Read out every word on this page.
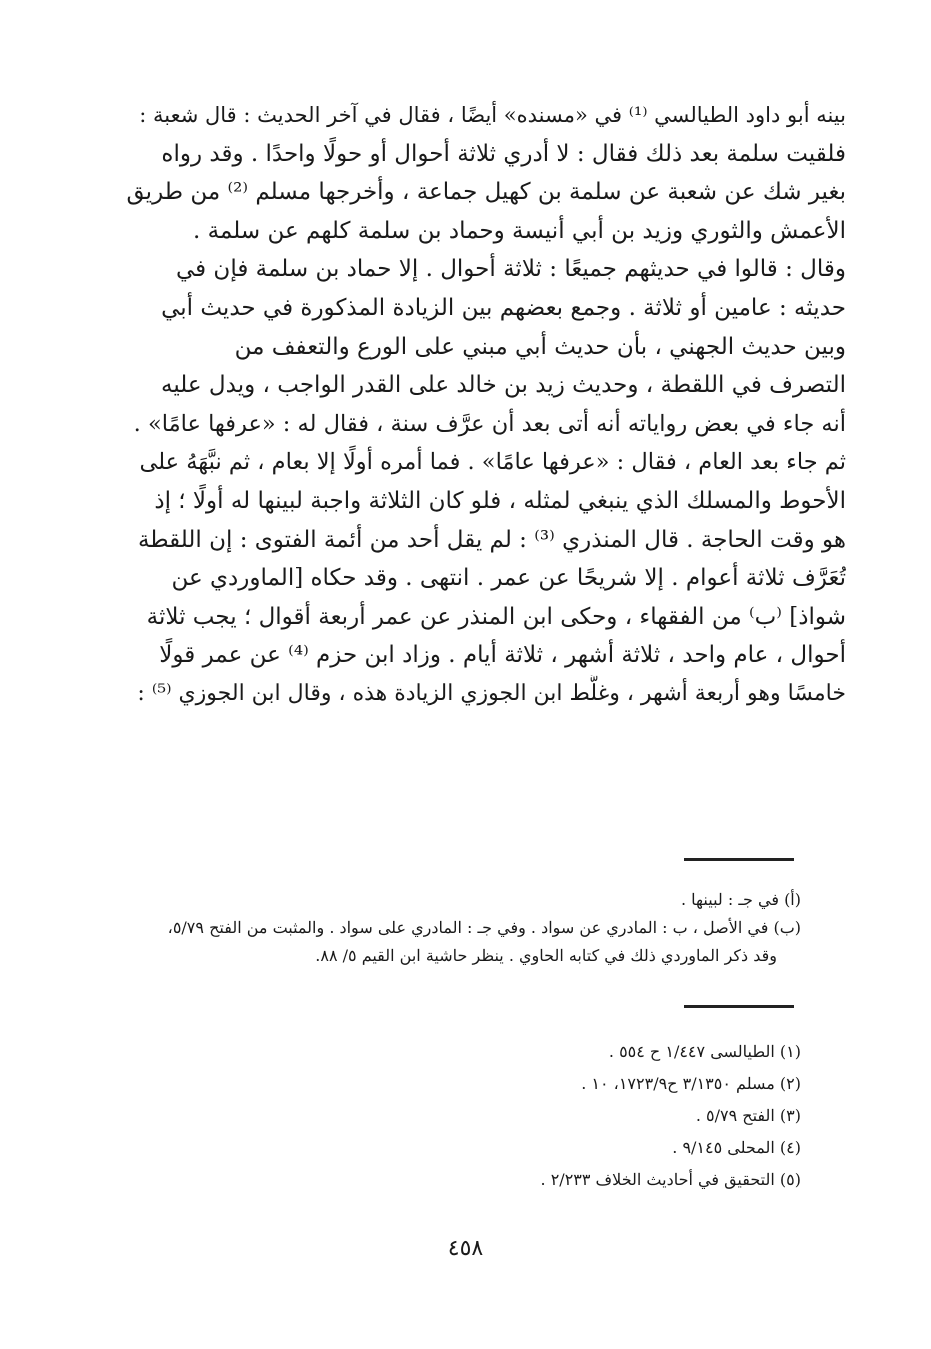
بينه أبو داود الطيالسي ⁽¹⁾ في «مسنده» أيضًا ، فقال في آخر الحديث : قال شعبة :
فلقيت سلمة بعد ذلك فقال : لا أدري ثلاثة أحوال أو حولًا واحدًا . وقد رواه
بغير شك عن شعبة عن سلمة بن كهيل جماعة ، وأخرجها مسلم ⁽²⁾ من طريق
الأعمش والثوري وزيد بن أبي أنيسة وحماد بن سلمة كلهم عن سلمة .
وقال : قالوا في حديثهم جميعًا : ثلاثة أحوال . إلا حماد بن سلمة فإن في
حديثه : عامين أو ثلاثة . وجمع بعضهم بين الزيادة المذكورة في حديث أبي
وبين حديث الجهني ، بأن حديث أبي مبني على الورع والتعفف من
التصرف في اللقطة ، وحديث زيد بن خالد على القدر الواجب ، ويدل عليه
أنه جاء في بعض رواياته أنه أتى بعد أن عرَّف سنة ، فقال له : «عرفها عامًا» .
ثم جاء بعد العام ، فقال : «عرفها عامًا» . فما أمره أولًا إلا بعام ، ثم نبَّهَهُ على
الأحوط والمسلك الذي ينبغي لمثله ، فلو كان الثلاثة واجبة لبينها له أولًا ؛ إذ
هو وقت الحاجة . قال المنذري ⁽³⁾ : لم يقل أحد من أئمة الفتوى : إن اللقطة
تُعَرَّف ثلاثة أعوام . إلا شريحًا عن عمر . انتهى . وقد حكاه [الماوردي عن
شواذ] ⁽ب⁾ من الفقهاء ، وحكى ابن المنذر عن عمر أربعة أقوال ؛ يجب ثلاثة
أحوال ، عام واحد ، ثلاثة أشهر ، ثلاثة أيام . وزاد ابن حزم ⁽⁴⁾ عن عمر قولًا
خامسًا وهو أربعة أشهر ، وغلَّط ابن الجوزي الزيادة هذه ، وقال ابن الجوزي ⁽⁵⁾ :
(أ) في جـ : لبينها .
(ب) في الأصل ، ب : المادري عن سواد . وفي جـ : المادري على سواد . والمثبت من الفتح ٥/٧٩،
وقد ذكر الماوردي ذلك في كتابه الحاوي . ينظر حاشية ابن القيم ٥/ ٨٨.
(١) الطيالسى ١/٤٤٧ ح ٥٥٤ .
(٢) مسلم ٣/١٣٥٠ ح١٧٢٣/٩، ١٠ .
(٣) الفتح ٥/٧٩ .
(٤) المحلى ٩/١٤٥ .
(٥) التحقيق في أحاديث الخلاف ٢/٢٣٣ .
٤٥٨
